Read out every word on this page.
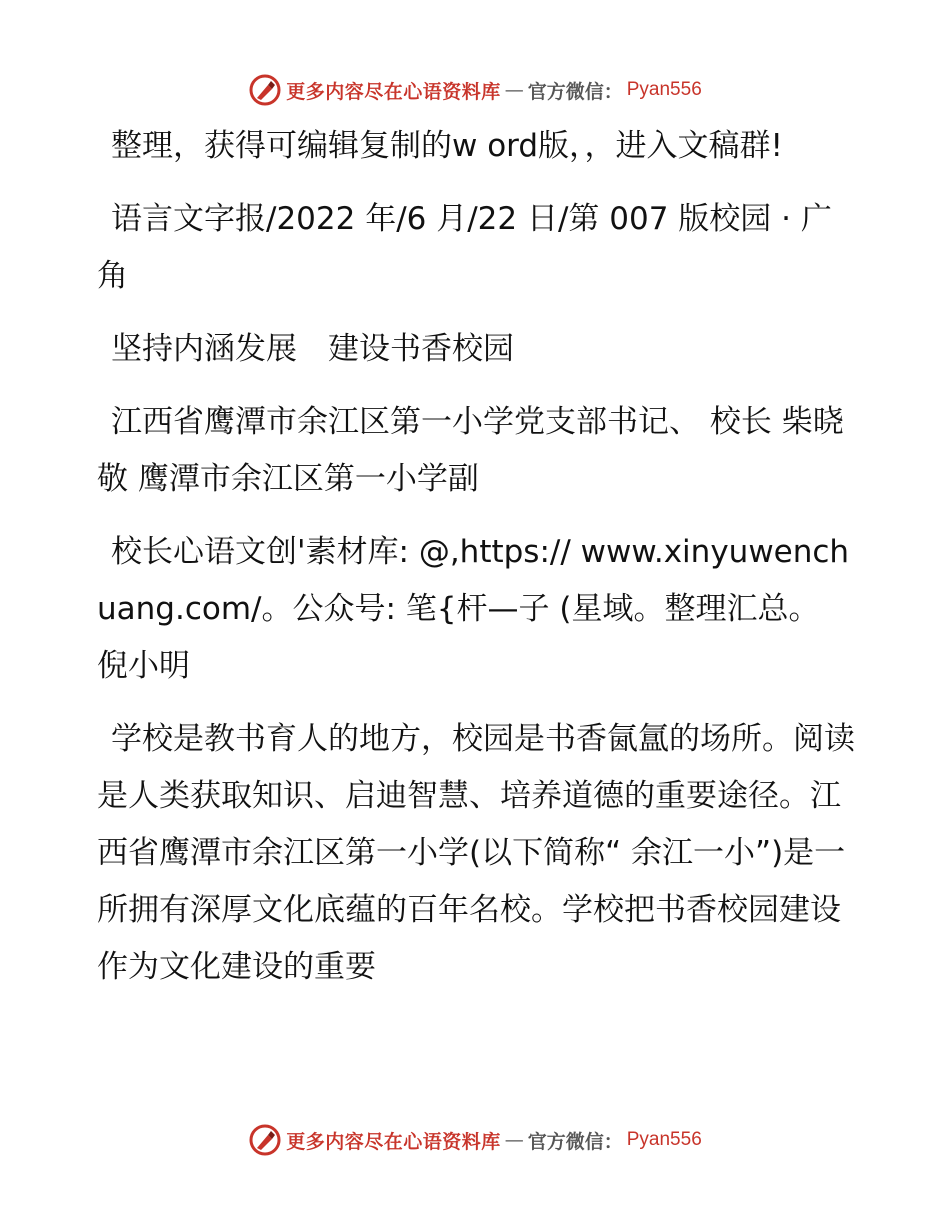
更多内容尽在心语资料库 — 官方微信： Pyan556

整理，获得可编辑复制的w ord版，，进入文稿群!

语言文字报/2022 年/6 月/22 日/第 007 版校园 · 广角

坚持内涵发展　建设书香校园

江西省鹰潭市余江区第一小学党支部书记、 校长 柴晓敬 鹰潭市余江区第一小学副

校长心语文创'素材库: @,https:// www.xinyuwenchuang.com/。公众号: 笔{杆—子 (星域。整理汇总。　倪小明

学校是教书育人的地方，校园是书香氤氲的场所。阅读是人类获取知识、启迪智慧、培养道德的重要途径。江西省鹰潭市余江区第一小学(以下简称“ 余江一小”)是一所拥有深厚文化底蕴的百年名校。学校把书香校园建设作为文化建设的重要

更多内容尽在心语资料库 — 官方微信： Pyan556
